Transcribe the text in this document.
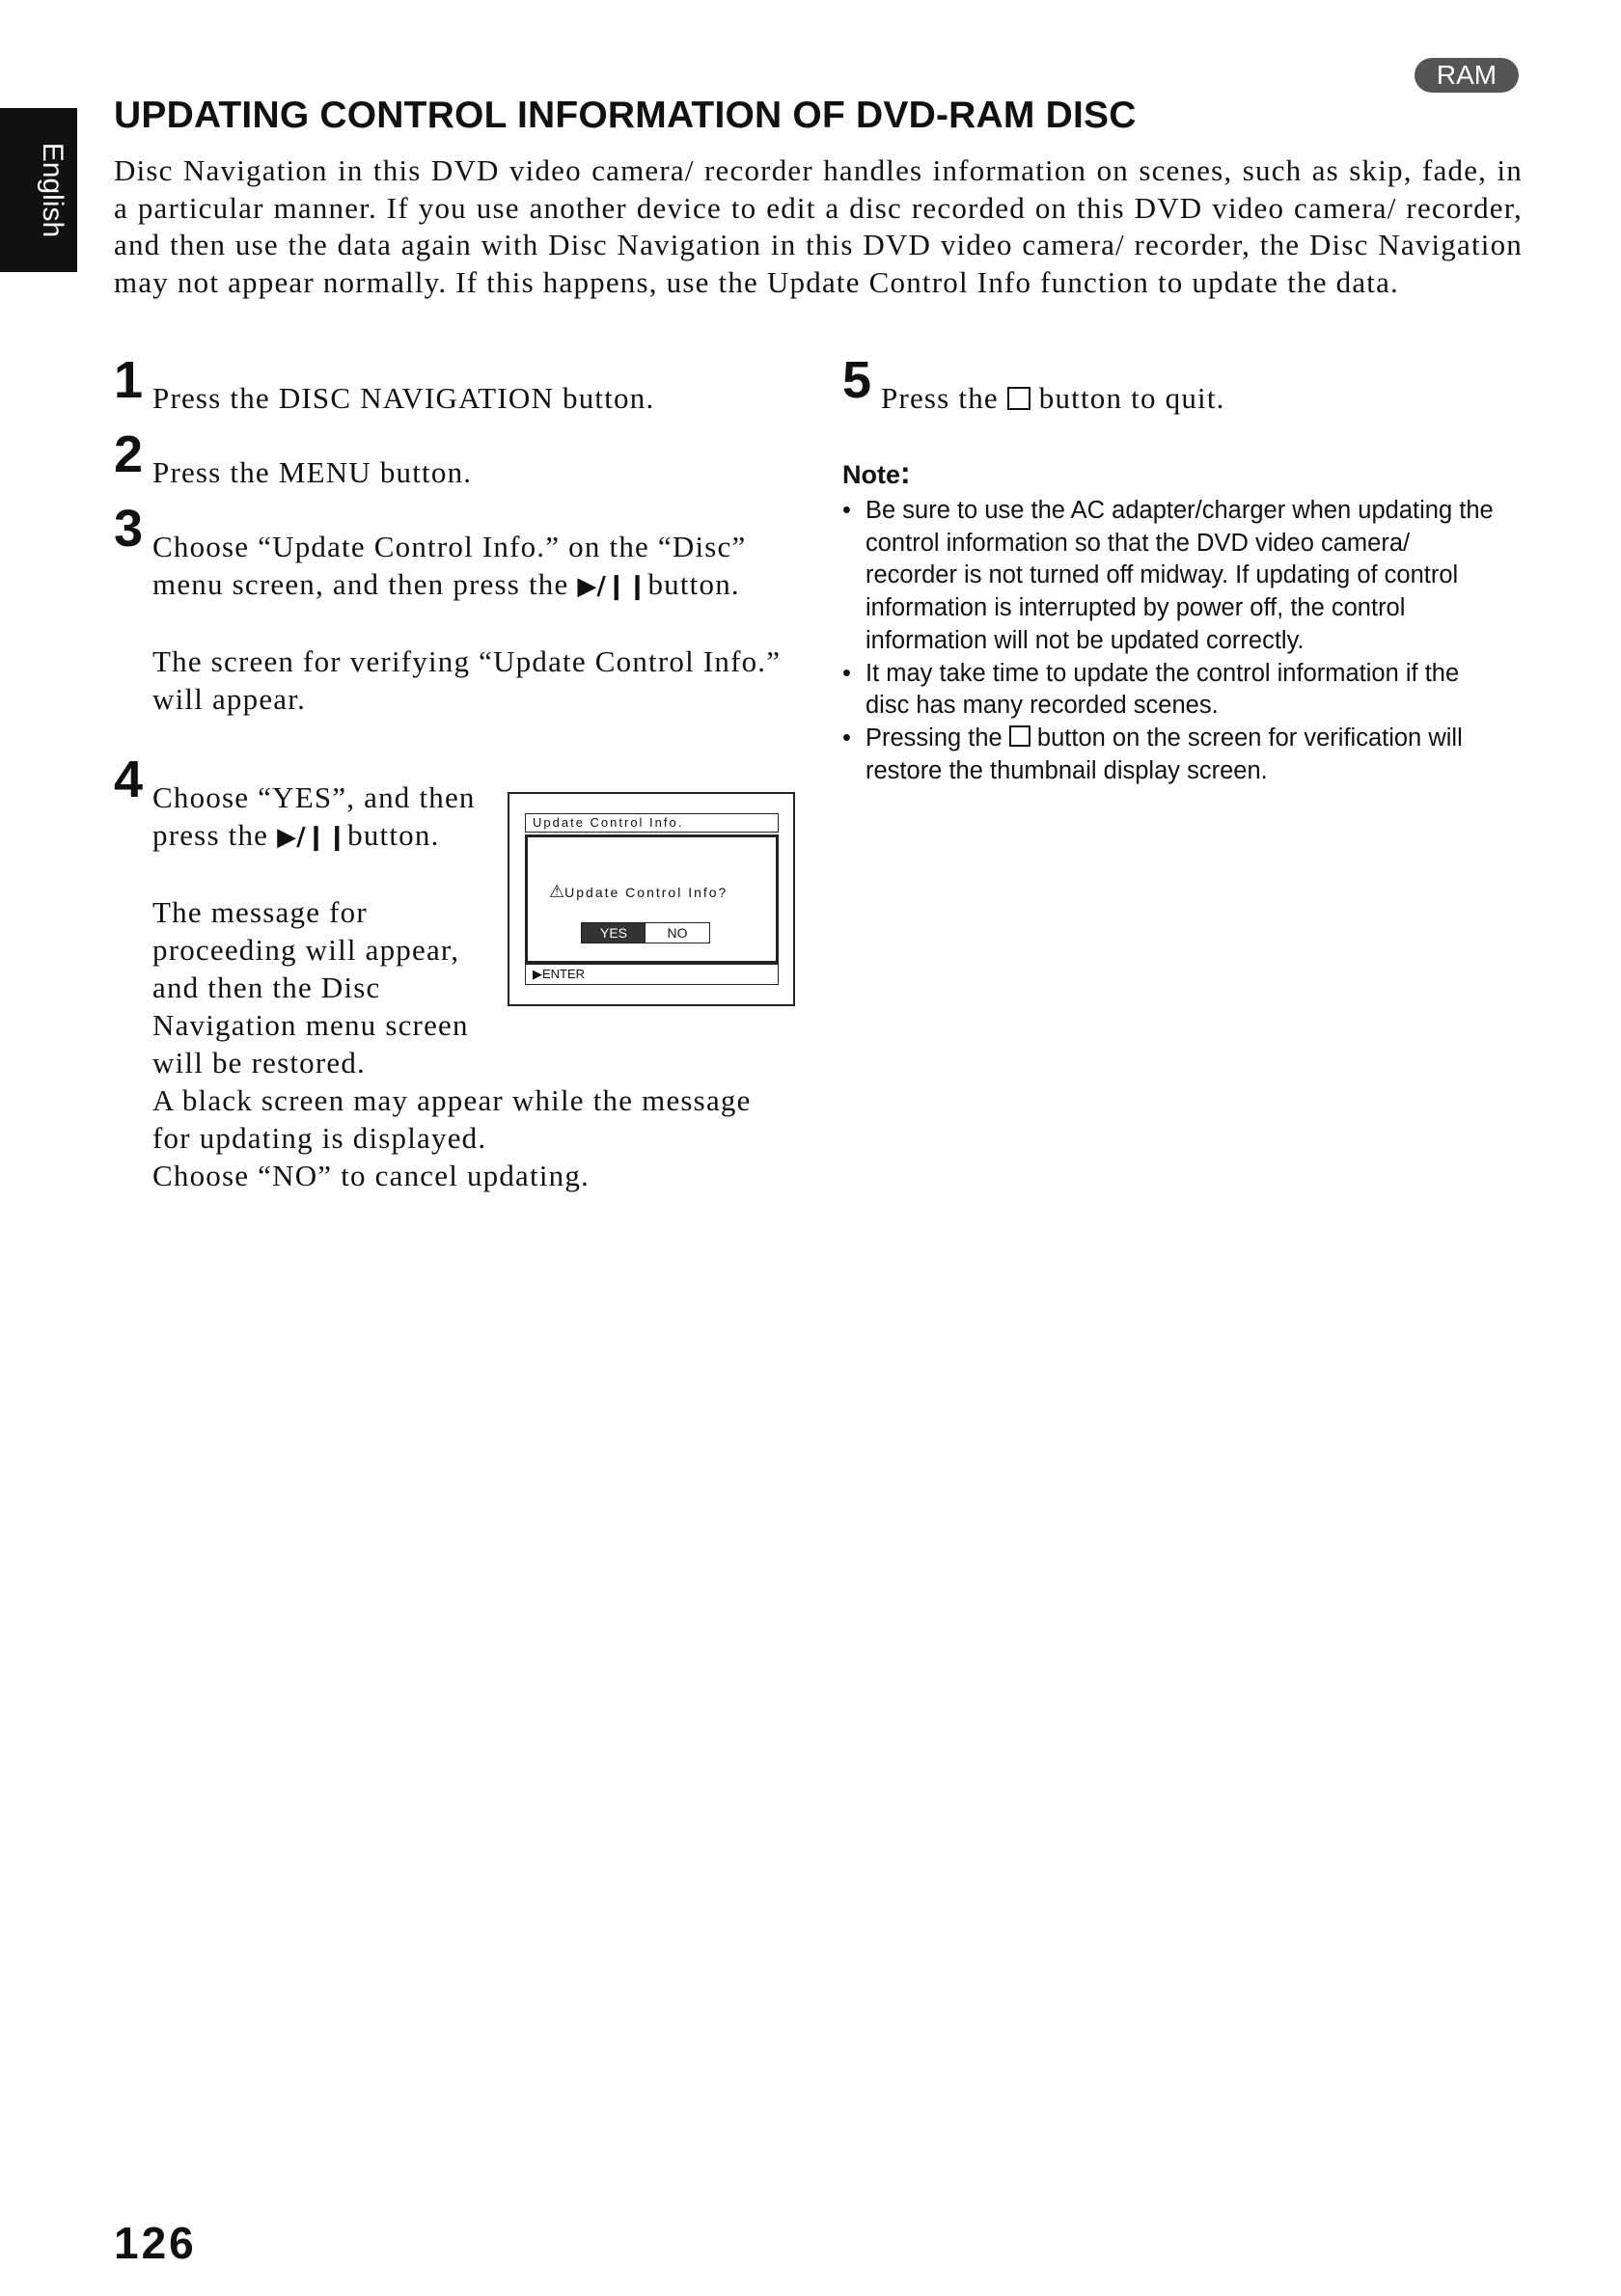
English
RAM
UPDATING CONTROL INFORMATION OF DVD-RAM DISC

Disc Navigation in this DVD video camera/ recorder handles information on scenes, such as skip, fade, in a particular manner. If you use another device to edit a disc recorded on this DVD video camera/ recorder, and then use the data again with Disc Navigation in this DVD video camera/ recorder, the Disc Navigation may not appear normally. If this happens, use the Update Control Info function to update the data.

1 Press the DISC NAVIGATION button.

2 Press the MENU button.

3 Choose “Update Control Info.” on the “Disc”

menu screen, and then press the ▶/❙❙button.

The screen for verifying “Update Control Info.”

will appear.

4 Choose “YES”, and then

press the ▶/❙❙button.

The message for

proceeding will appear,

and then the Disc

Navigation menu screen

will be restored.

A black screen may appear while the message

for updating is displayed.

Choose “NO” to cancel updating.

Update Control Info.
⚠Update Control Info?
YES	NO
▶ENTER
5 Press the  button to quit.

Note:

• Be sure to use the AC adapter/charger when updating the
control information so that the DVD video camera/
recorder is not turned off midway. If updating of control
information is interrupted by power off, the control
information will not be updated correctly.
• It may take time to update the control information if the
disc has many recorded scenes.
• Pressing the  button on the screen for verification will
restore the thumbnail display screen.
126
